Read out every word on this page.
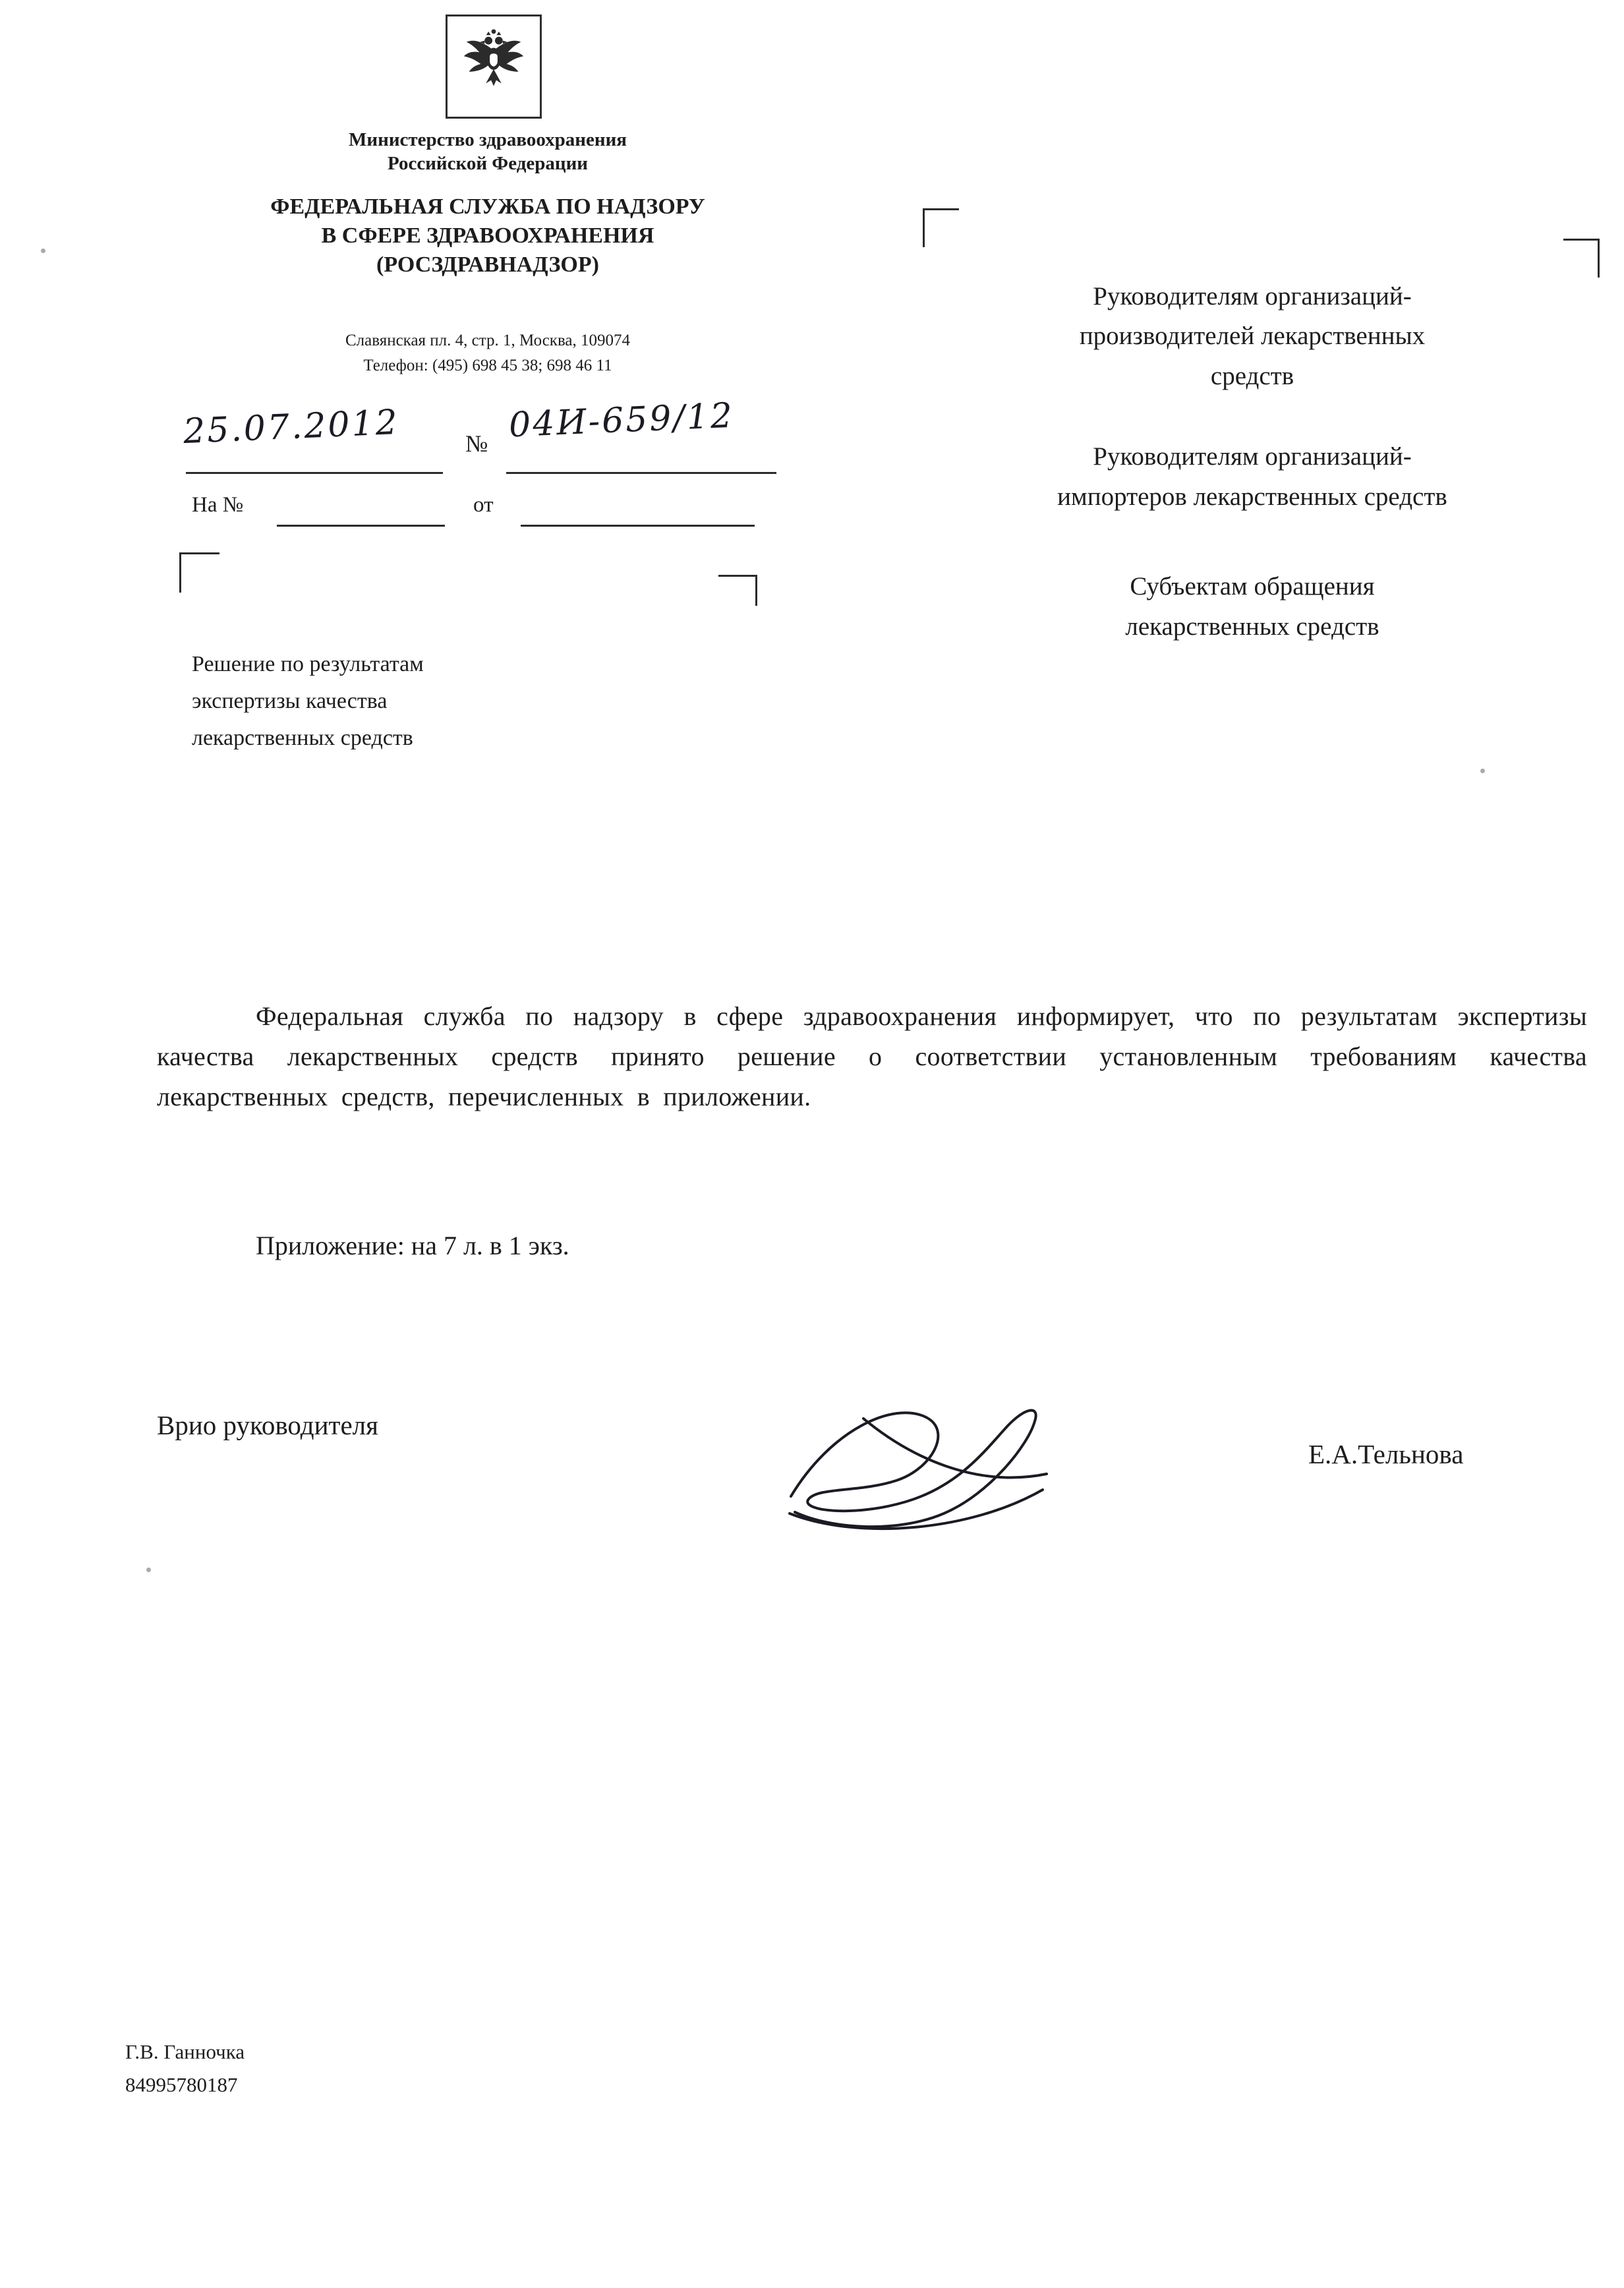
Министерство здравоохранения
Российской Федерации
ФЕДЕРАЛЬНАЯ СЛУЖБА ПО НАДЗОРУ
В СФЕРЕ ЗДРАВООХРАНЕНИЯ
(РОСЗДРАВНАДЗОР)
Славянская пл. 4, стр. 1, Москва, 109074
Телефон: (495) 698 45 38; 698 46 11
25.07.2012	№ 04И-659/12
На №	от
Руководителям организаций-
производителей лекарственных
средств
Руководителям организаций-
импортеров лекарственных средств
Субъектам обращения
лекарственных средств
Решение по результатам
экспертизы качества
лекарственных средств
Федеральная служба по надзору в сфере здравоохранения информирует, что по результатам экспертизы качества лекарственных средств принято решение о соответствии установленным требованиям качества лекарственных средств, перечисленных в приложении.
Приложение: на 7 л. в 1 экз.
Врио руководителя
Е.А.Тельнова
Г.В. Ганночка
84995780187
